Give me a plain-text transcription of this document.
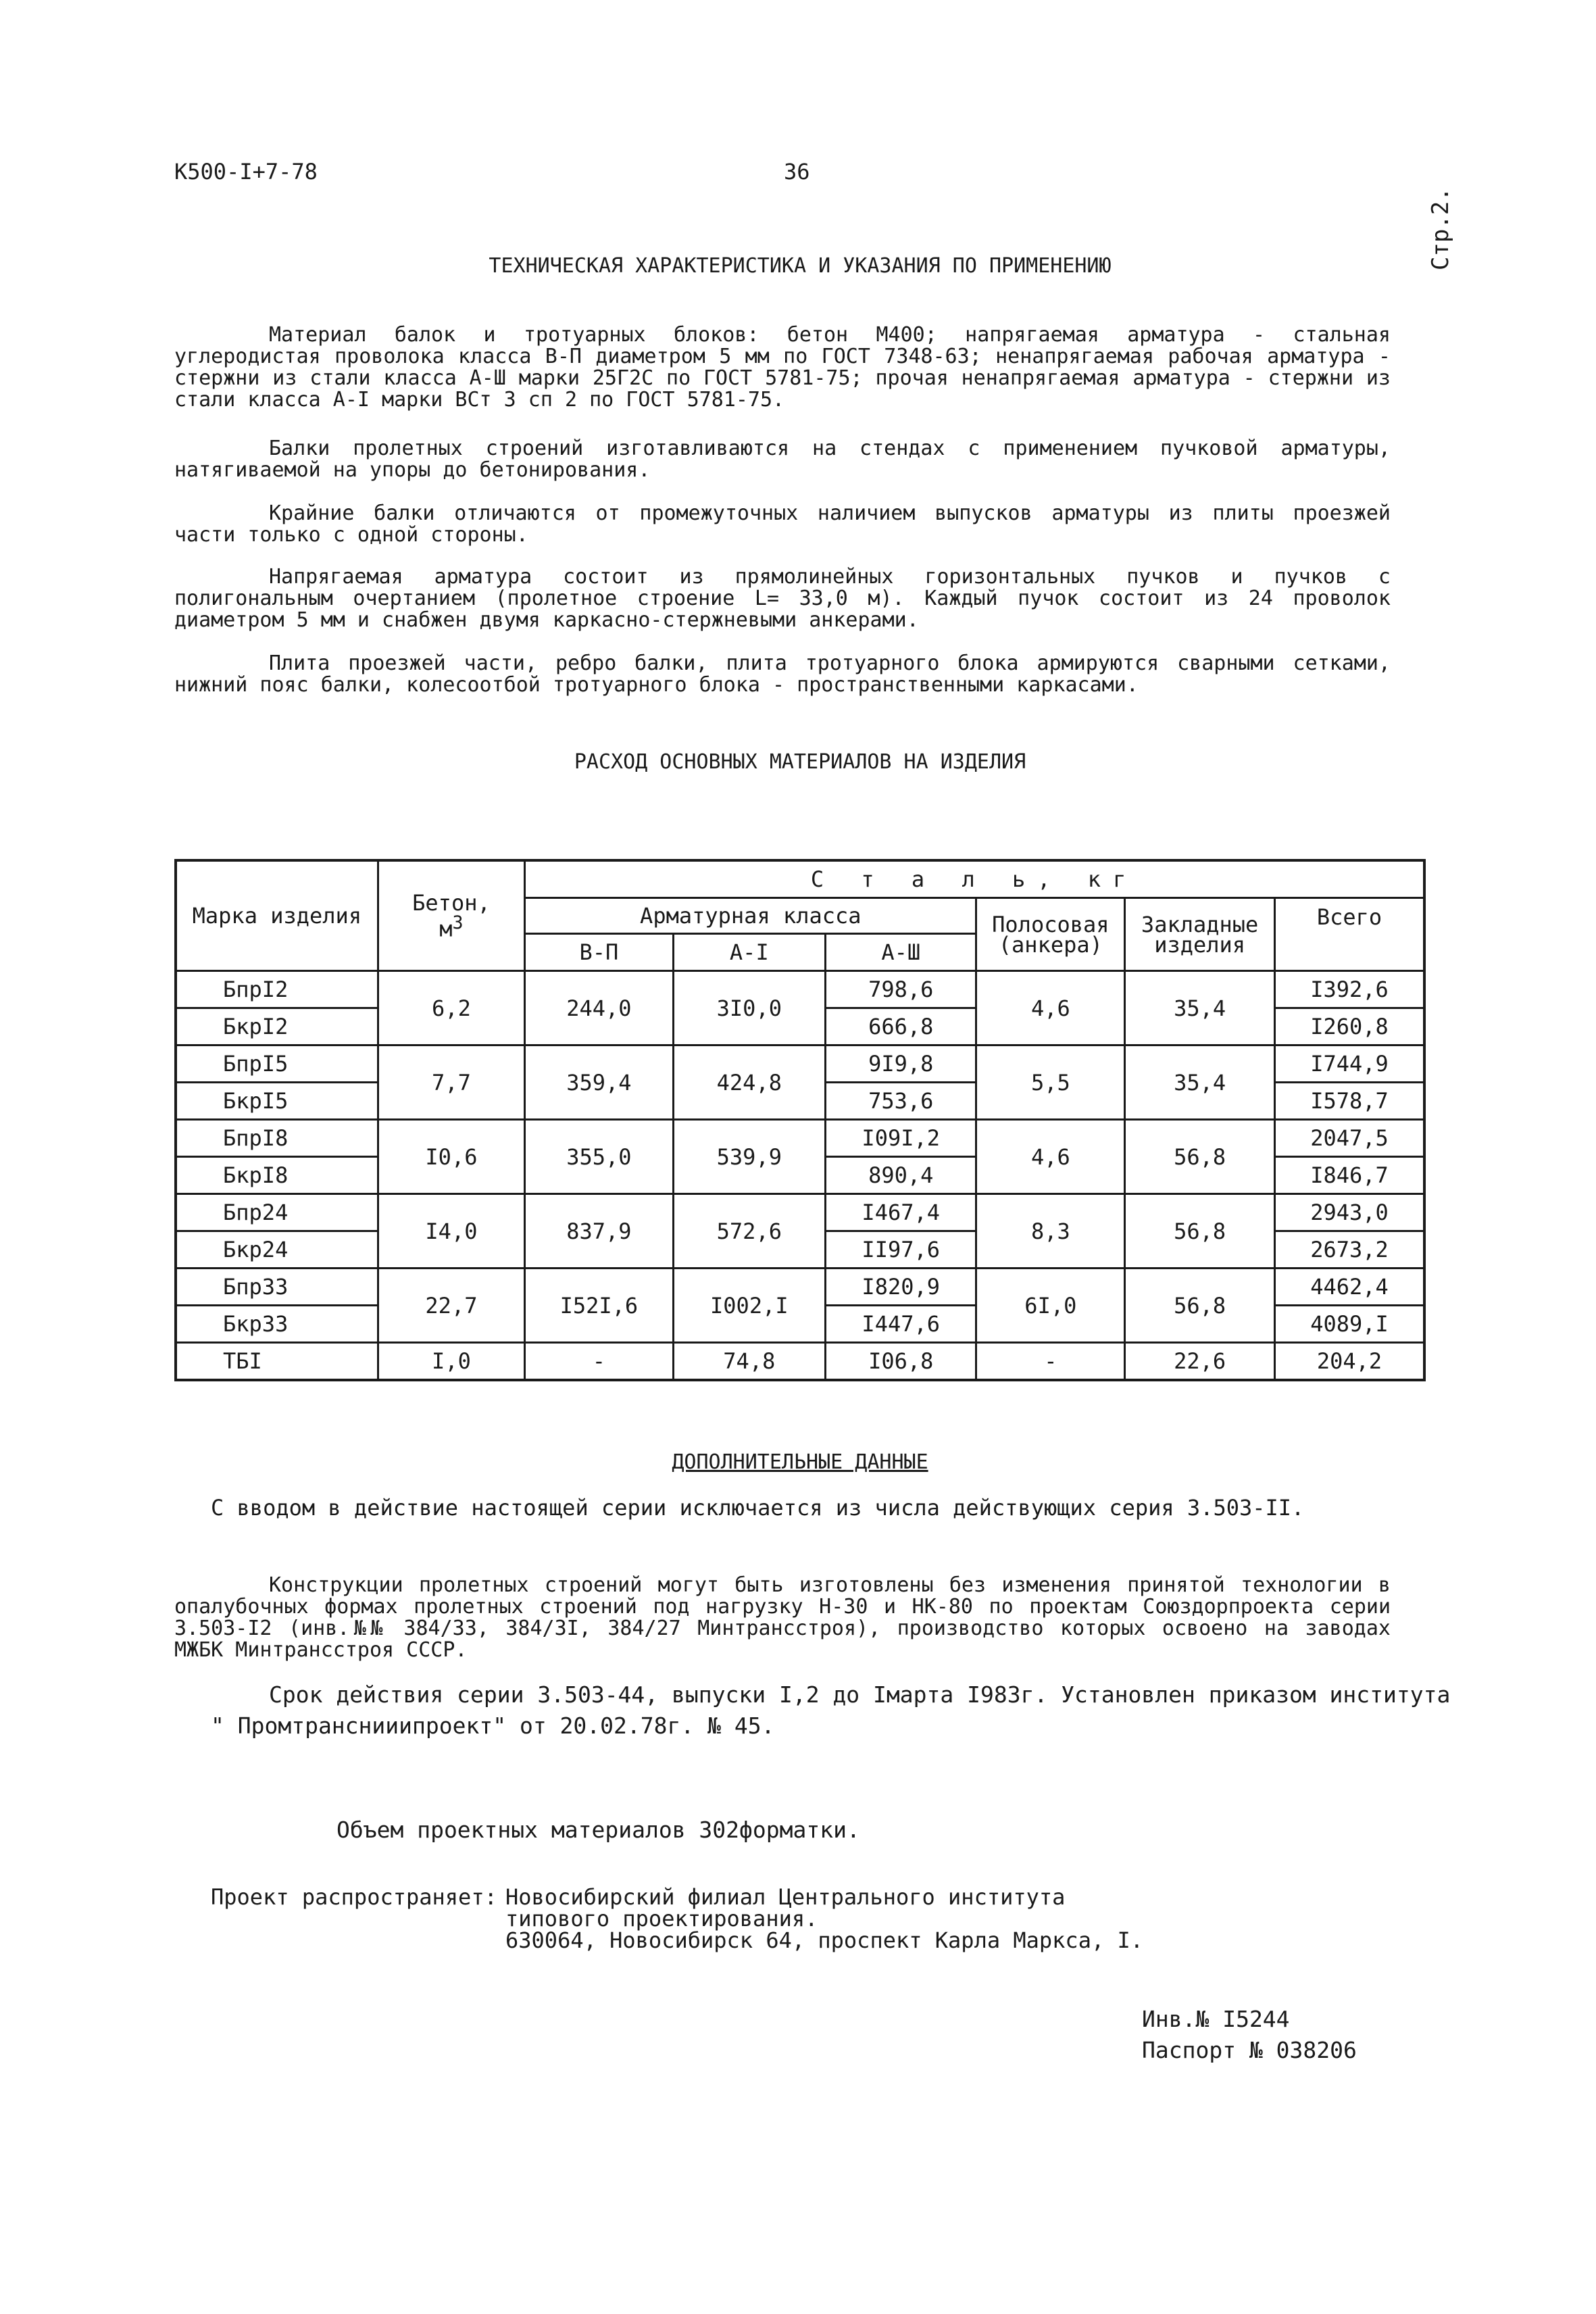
К500-I+7-78	36
Стр.2.
ТЕХНИЧЕСКАЯ ХАРАКТЕРИСТИКА И УКАЗАНИЯ ПО ПРИМЕНЕНИЮ
Материал балок и тротуарных блоков: бетон М400; напрягаемая арматура - стальная углеродистая проволока класса В-П диаметром 5 мм по ГОСТ 7348-63; ненапрягаемая рабочая арматура - стержни из стали класса А-Ш марки 25Г2С по ГОСТ 5781-75; прочая ненапрягаемая арматура - стержни из стали класса А-I марки ВСт 3 сп 2 по ГОСТ 5781-75.
Балки пролетных строений изготавливаются на стендах с применением пучковой арматуры, натягиваемой на упоры до бетонирования.
Крайние балки отличаются от промежуточных наличием выпусков арматуры из плиты проезжей части только с одной стороны.
Напрягаемая арматура состоит из прямолинейных горизонтальных пучков и пучков с полигональным очертанием (пролетное строение L= 33,0 м). Каждый пучок состоит из 24 проволок диаметром 5 мм и снабжен двумя каркасно-стержневыми анкерами.
Плита проезжей части, ребро балки, плита тротуарного блока армируются сварными сетками, нижний пояс балки, колесоотбой тротуарного блока - пространственными каркасами.
РАСХОД ОСНОВНЫХ МАТЕРИАЛОВ НА ИЗДЕЛИЯ
Марка изделия	Бетон,
$м^3$	С т а л ь, кг					
		Арматурная класса			Полосовая (анкера)	Закладные изделия	Всего
		В-П	А-I	А-Ш			
БпрI2	6,2	244,0	3I0,0	798,6	4,6	35,4	I392,6
БкрI2				666,8			I260,8
БпрI5	7,7	359,4	424,8	9I9,8	5,5	35,4	I744,9
БкрI5				753,6			I578,7
БпрI8	I0,6	355,0	539,9	I09I,2	4,6	56,8	2047,5
БкрI8				890,4			I846,7
Бпр24	I4,0	837,9	572,6	I467,4	8,3	56,8	2943,0
Бкр24				II97,6			2673,2
Бпр33	22,7	I52I,6	I002,I	I820,9	6I,0	56,8	4462,4
Бкр33				I447,6			4089,I
ТБI	I,0	-	74,8	I06,8	-	22,6	204,2
ДОПОЛНИТЕЛЬНЫЕ ДАННЫЕ
С вводом в действие настоящей серии исключается из числа действующих серия 3.503-II.
Конструкции пролетных строений могут быть изготовлены без изменения принятой технологии в опалубочных формах пролетных строений под нагрузку Н-30 и НК-80 по проектам Союздорпроекта серии 3.503-I2 (инв.№№ 384/33, 384/3I, 384/27 Минтрансстроя), производство которых освоено на заводах МЖБК Минтрансстроя СССР.
Срок действия серии 3.503-44, выпуски I,2 до Iмарта I983г. Установлен приказом института
" Промтранснииипроект" от 20.02.78г. № 45.
Объем проектных материалов 302форматки.
Проект распространяет: Новосибирский филиал Центрального института
типового проектирования.
630064, Новосибирск 64, проспект Карла Маркса, I.
Инв.№ I5244
Паспорт № 038206
